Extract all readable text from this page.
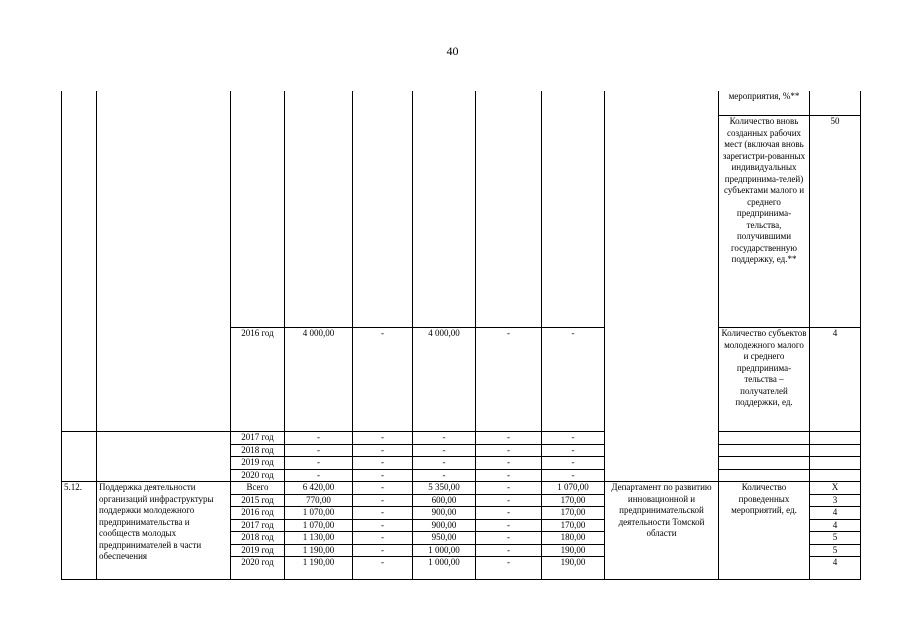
40
									мероприятия, %**	
									Количество вновь созданных рабочих мест (включая вновь зарегистри-рованных индивидуальных предпринима-телей) субъектами малого и среднего предпринима-тельства, получившими государственную поддержку, ед.**	50
		2016 год	4 000,00	-	4 000,00	-	-		Количество субъектов молодежного малого и среднего предпринима-тельства – получателей поддержки, ед.	4
		2017 год	-	-	-	-	-			
		2018 год	-	-	-	-	-			
		2019 год	-	-	-	-	-			
		2020 год	-	-	-	-	-			
5.12.	Поддержка деятельности организаций инфраструктуры поддержки молодежного предпринимательства и сообществ молодых предпринимателей в части обеспечения	Всего	6 420,00	-	5 350,00	-	1 070,00	Департамент по развитию инновационной и предпринимательской деятельности Томской области	Количество проведенных мероприятий, ед.	X
		2015 год	770,00	-	600,00	-	170,00			3
		2016 год	1 070,00	-	900,00	-	170,00			4
		2017 год	1 070,00	-	900,00	-	170,00			4
		2018 год	1 130,00	-	950,00	-	180,00			5
		2019 год	1 190,00	-	1 000,00	-	190,00			5
		2020 год	1 190,00	-	1 000,00	-	190,00			4
